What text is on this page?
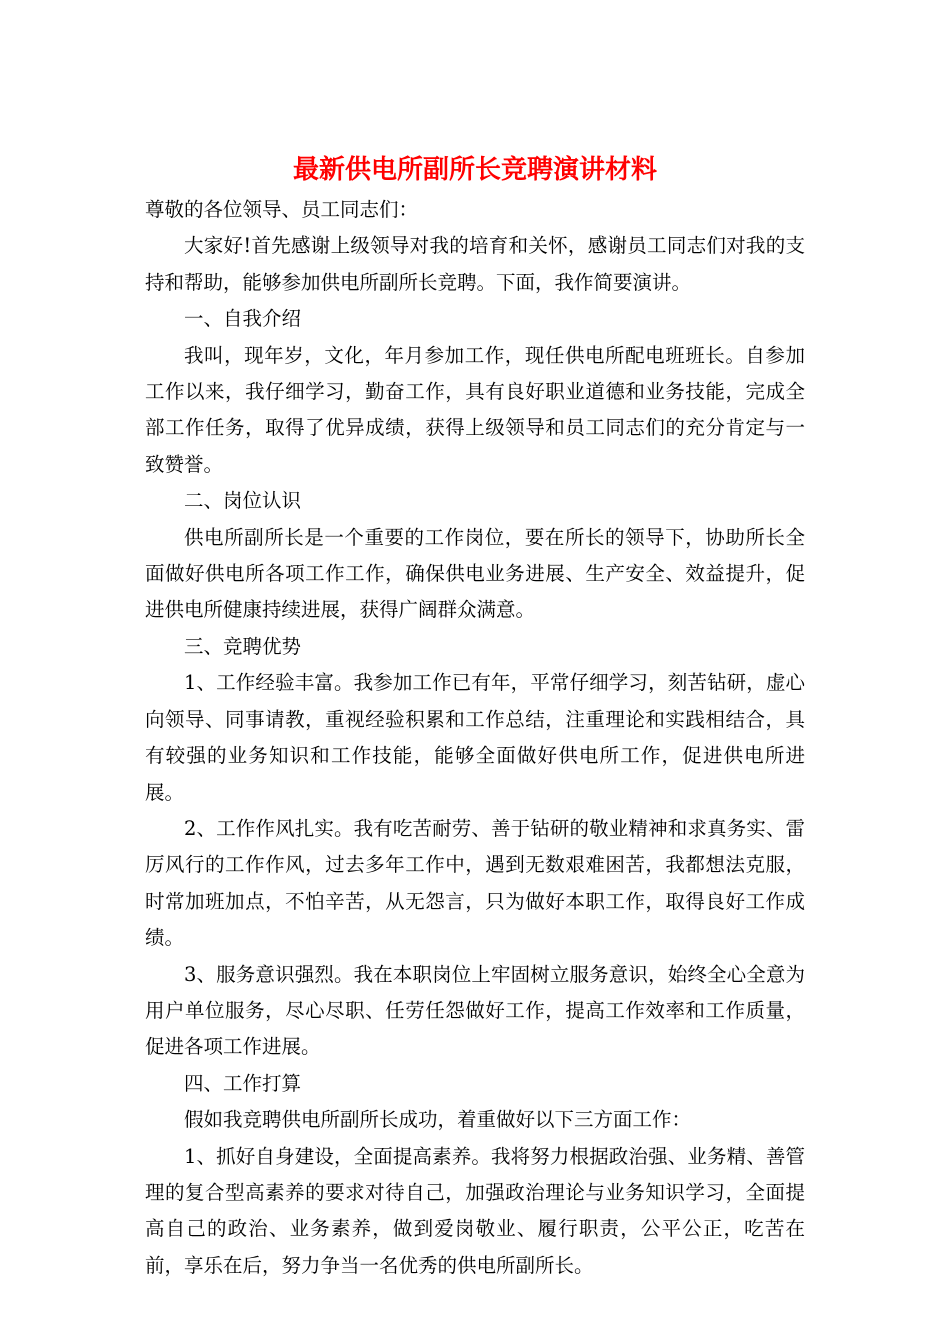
最新供电所副所长竞聘演讲材料

尊敬的各位领导、员工同志们：

大家好!首先感谢上级领导对我的培育和关怀，感谢员工同志们对我的支持和帮助，能够参加供电所副所长竞聘。下面，我作简要演讲。

一、自我介绍

我叫，现年岁，文化，年月参加工作，现任供电所配电班班长。自参加工作以来，我仔细学习，勤奋工作，具有良好职业道德和业务技能，完成全部工作任务，取得了优异成绩，获得上级领导和员工同志们的充分肯定与一致赞誉。

二、岗位认识

供电所副所长是一个重要的工作岗位，要在所长的领导下，协助所长全面做好供电所各项工作工作，确保供电业务进展、生产安全、效益提升，促进供电所健康持续进展，获得广阔群众满意。

三、竞聘优势

1、工作经验丰富。我参加工作已有年，平常仔细学习，刻苦钻研，虚心向领导、同事请教，重视经验积累和工作总结，注重理论和实践相结合，具有较强的业务知识和工作技能，能够全面做好供电所工作，促进供电所进展。

2、工作作风扎实。我有吃苦耐劳、善于钻研的敬业精神和求真务实、雷厉风行的工作作风，过去多年工作中，遇到无数艰难困苦，我都想法克服，时常加班加点，不怕辛苦，从无怨言，只为做好本职工作，取得良好工作成绩。

3、服务意识强烈。我在本职岗位上牢固树立服务意识，始终全心全意为用户单位服务，尽心尽职、任劳任怨做好工作，提高工作效率和工作质量，促进各项工作进展。

四、工作打算

假如我竞聘供电所副所长成功，着重做好以下三方面工作：

1、抓好自身建设，全面提高素养。我将努力根据政治强、业务精、善管理的复合型高素养的要求对待自己，加强政治理论与业务知识学习，全面提高自己的政治、业务素养，做到爱岗敬业、履行职责，公平公正，吃苦在前，享乐在后，努力争当一名优秀的供电所副所长。
